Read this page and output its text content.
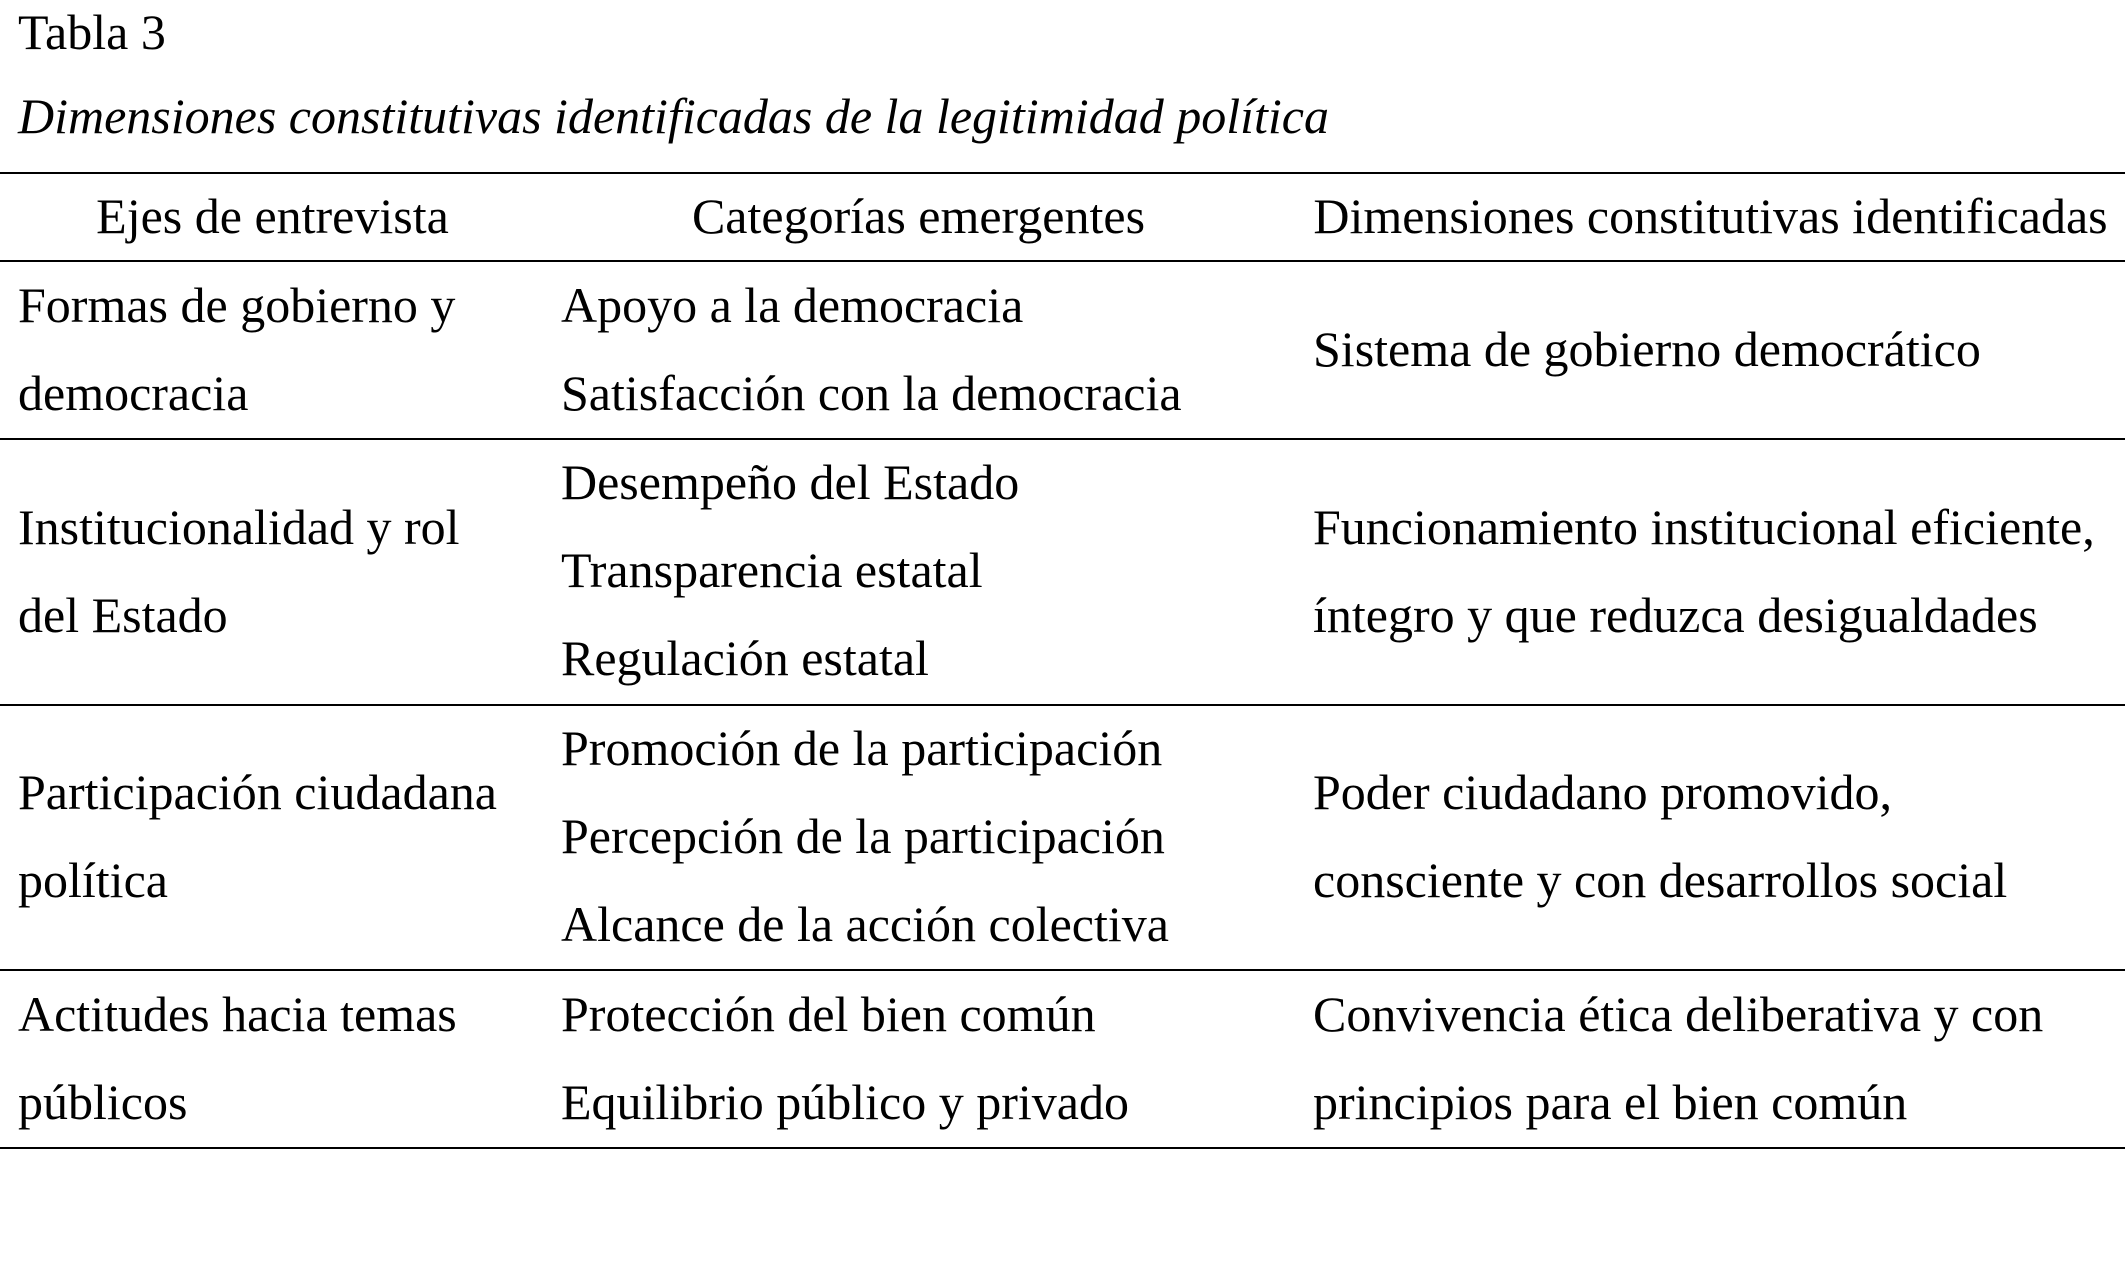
Tabla 3
Dimensiones constitutivas identificadas de la legitimidad política
Ejes de entrevista	Categorías emergentes	Dimensiones constitutivas identificadas
Formas de gobierno y
democracia
Apoyo a la democracia
Satisfacción con la democracia
Sistema de gobierno democrático
Desempeño del Estado
Transparencia estatal
Regulación estatal
Institucionalidad y rol
del Estado
Funcionamiento institucional eficiente,
íntegro y que reduzca desigualdades
Promoción de la participación
Percepción de la participación
Alcance de la acción colectiva
Participación ciudadana
política
Poder ciudadano promovido,
consciente y con desarrollos social
Actitudes hacia temas
públicos
Protección del bien común
Equilibrio público y privado
Convivencia ética deliberativa y con
principios para el bien común
